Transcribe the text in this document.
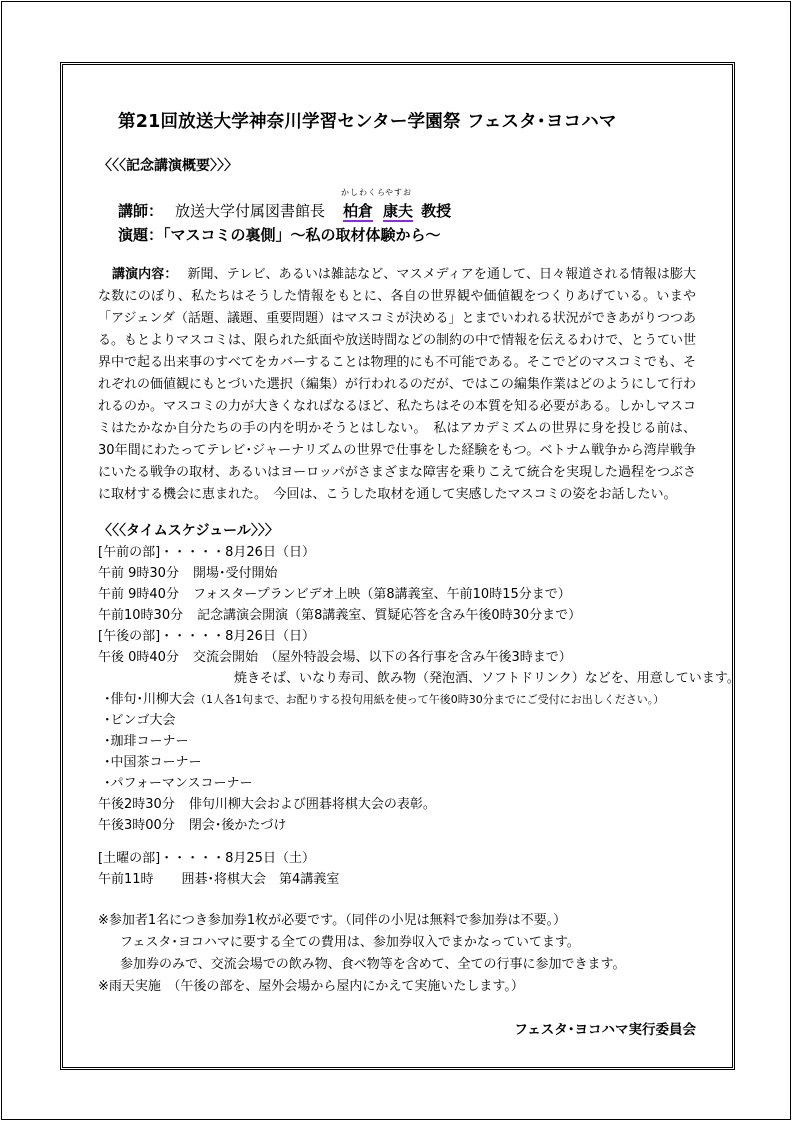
第21回放送大学神奈川学習センター学園祭 フェスタ･ヨコハマ
〈〈〈記念講演概要〉〉〉
講師： 放送大学付属図書館長
かしわくら
柏倉
やすお
康夫 教授
演題：「マスコミの裏側」～私の取材体験から～
講演内容： 新聞、テレビ、あるいは雑誌など、マスメディアを通して、日々報道される情報は膨大な数にのぼり、私たちはそうした情報をもとに、各自の世界観や価値観をつくりあげている。いまや「アジェンダ（話題、議題、重要問題）はマスコミが決める」とまでいわれる状況ができあがりつつある。もとよりマスコミは、限られた紙面や放送時間などの制約の中で情報を伝えるわけで、とうてい世界中で起る出来事のすべてをカバーすることは物理的にも不可能である。そこでどのマスコミでも、それぞれの価値観にもとづいた選択（編集）が行われるのだが、ではこの編集作業はどのようにして行われるのか。マスコミの力が大きくなればなるほど、私たちはその本質を知る必要がある。しかしマスコミはたかなか自分たちの手の内を明かそうとはしない。　私はアカデミズムの世界に身を投じる前は、30年間にわたってテレビ･ジャーナリズムの世界で仕事をした経験をもつ。ベトナム戦争から湾岸戦争にいたる戦争の取材、あるいはヨーロッパがさまざまな障害を乗りこえて統合を実現した過程をつぶさに取材する機会に恵まれた。　今回は、こうした取材を通して実感したマスコミの姿をお話したい。
〈〈〈タイムスケジュール〉〉〉
[午前の部]・・・・・8月26日（日）
午前 9時30分 開場･受付開始
午前 9時40分 フォスタープランビデオ上映（第8講義室、午前10時15分まで）
午前10時30分 記念講演会開演（第8講義室、質疑応答を含み午後0時30分まで）
[午後の部]・・・・・8月26日（日）
午後 0時40分 交流会開始　（屋外特設会場、以下の各行事を含み午後3時まで）
焼きそば、いなり寿司、飲み物（発泡酒、ソフトドリンク）などを、用意しています。
･俳句･川柳大会（1人各1句まで、お配りする投句用紙を使って午後0時30分までにご受付にお出しください。）
･ビンゴ大会
･珈琲コーナー
･中国茶コーナー
･パフォーマンスコーナー
午後2時30分 俳句川柳大会および囲碁将棋大会の表彰。
午後3時00分 閉会･後かたづけ
[土曜の部]・・・・・8月25日（土）
午前11時 囲碁･将棋大会　第4講義室
※参加者1名につき参加券1枚が必要です。（同伴の小児は無料で参加券は不要。）
フェスタ･ヨコハマに要する全ての費用は、参加券収入でまかなっていてます。
参加券のみで、交流会場での飲み物、食べ物等を含めて、全ての行事に参加できます。
※雨天実施　（午後の部を、屋外会場から屋内にかえて実施いたします。）
フェスタ･ヨコハマ実行委員会
